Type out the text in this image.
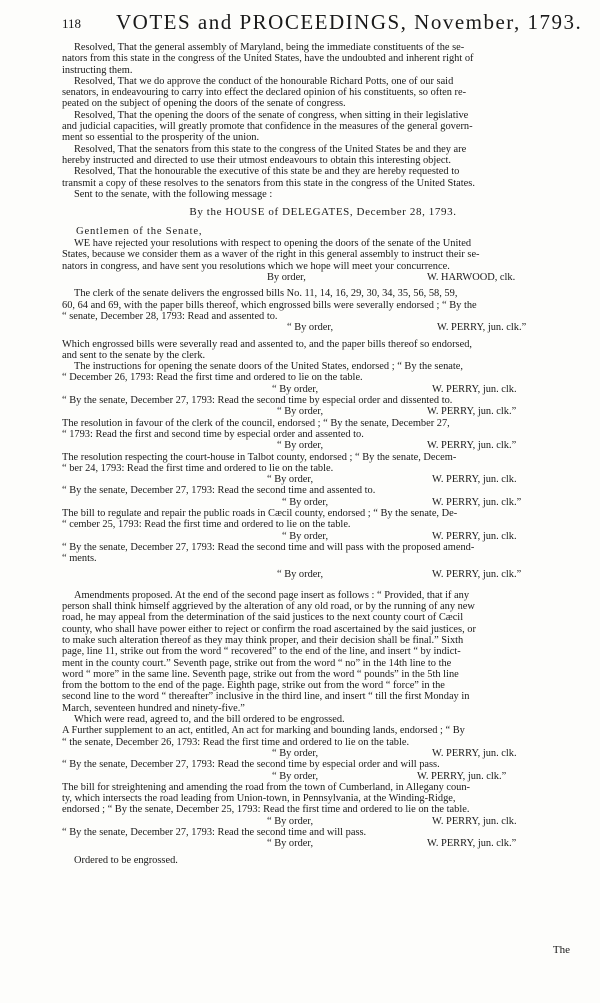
118 VOTES and PROCEEDINGS, November, 1793.
Resolved, That the general assembly of Maryland, being the immediate constituents of the se-
nators from this state in the congress of the United States, have the undoubted and inherent right of
instructing them.
Resolved, That we do approve the conduct of the honourable Richard Potts, one of our said
senators, in endeavouring to carry into effect the declared opinion of his constituents, so often re-
peated on the subject of opening the doors of the senate of congress.
Resolved, That the opening the doors of the senate of congress, when sitting in their legislative
and judicial capacities, will greatly promote that confidence in the measures of the general govern-
ment so essential to the prosperity of the union.
Resolved, That the senators from this state to the congress of the United States be and they are
hereby instructed and directed to use their utmost endeavours to obtain this interesting object.
Resolved, That the honourable the executive of this state be and they are hereby requested to
transmit a copy of these resolves to the senators from this state in the congress of the United States.
Sent to the senate, with the following message :
By the HOUSE of DELEGATES, December 28, 1793.
Gentlemen of the Senate,
WE have rejected your resolutions with respect to opening the doors of the senate of the United
States, because we consider them as a waver of the right in this general assembly to instruct their se-
nators in congress, and have sent you resolutions which we hope will meet your concurrence.
By order,	W. HARWOOD, clk.
The clerk of the senate delivers the engrossed bills No. 11, 14, 16, 29, 30, 34, 35, 56, 58, 59,
60, 64 and 69, with the paper bills thereof, which engrossed bills were severally endorsed ; “ By the
“ senate, December 28, 1793: Read and assented to.
“ By order,	W. PERRY, jun. clk.”
Which engrossed bills were severally read and assented to, and the paper bills thereof so endorsed,
and sent to the senate by the clerk.
The instructions for opening the senate doors of the United States, endorsed ; “ By the senate,
“ December 26, 1793: Read the first time and ordered to lie on the table.
“ By order,	W. PERRY, jun. clk.
“ By the senate, December 27, 1793: Read the second time by especial order and dissented to.
“ By order,	W. PERRY, jun. clk.”
The resolution in favour of the clerk of the council, endorsed ; “ By the senate, December 27,
“ 1793: Read the first and second time by especial order and assented to.
“ By order,	W. PERRY, jun. clk.”
The resolution respecting the court-house in Talbot county, endorsed ; “ By the senate, Decem-
“ ber 24, 1793: Read the first time and ordered to lie on the table.
“ By order,	W. PERRY, jun. clk.
“ By the senate, December 27, 1793: Read the second time and assented to.
“ By order,	W. PERRY, jun. clk.”
The bill to regulate and repair the public roads in Cæcil county, endorsed ; “ By the senate, De-
“ cember 25, 1793: Read the first time and ordered to lie on the table.
“ By order,	W. PERRY, jun. clk.
“ By the senate, December 27, 1793: Read the second time and will pass with the proposed amend-
“ ments.
“ By order,	W. PERRY, jun. clk.”
Amendments proposed. At the end of the second page insert as follows : “ Provided, that if any
person shall think himself aggrieved by the alteration of any old road, or by the running of any new
road, he may appeal from the determination of the said justices to the next county court of Cæcil
county, who shall have power either to reject or confirm the road ascertained by the said justices, or
to make such alteration thereof as they may think proper, and their decision shall be final.” Sixth
page, line 11, strike out from the word “ recovered” to the end of the line, and insert “ by indict-
ment in the county court.” Seventh page, strike out from the word “ no” in the 14th line to the
word “ more” in the same line. Seventh page, strike out from the word “ pounds” in the 5th line
from the bottom to the end of the page. Eighth page, strike out from the word “ force” in the
second line to the word “ thereafter” inclusive in the third line, and insert “ till the first Monday in
March, seventeen hundred and ninety-five.”
Which were read, agreed to, and the bill ordered to be engrossed.
A Further supplement to an act, entitled, An act for marking and bounding lands, endorsed ; “ By
“ the senate, December 26, 1793: Read the first time and ordered to lie on the table.
“ By order,	W. PERRY, jun. clk.
“ By the senate, December 27, 1793: Read the second time by especial order and will pass.
“ By order,	W. PERRY, jun. clk.”
The bill for streightening and amending the road from the town of Cumberland, in Allegany coun-
ty, which intersects the road leading from Union-town, in Pennsylvania, at the Winding-Ridge,
endorsed ; “ By the senate, December 25, 1793: Read the first time and ordered to lie on the table.
“ By order,	W. PERRY, jun. clk.
“ By the senate, December 27, 1793: Read the second time and will pass.
“ By order,	W. PERRY, jun. clk.”
Ordered to be engrossed.
The
